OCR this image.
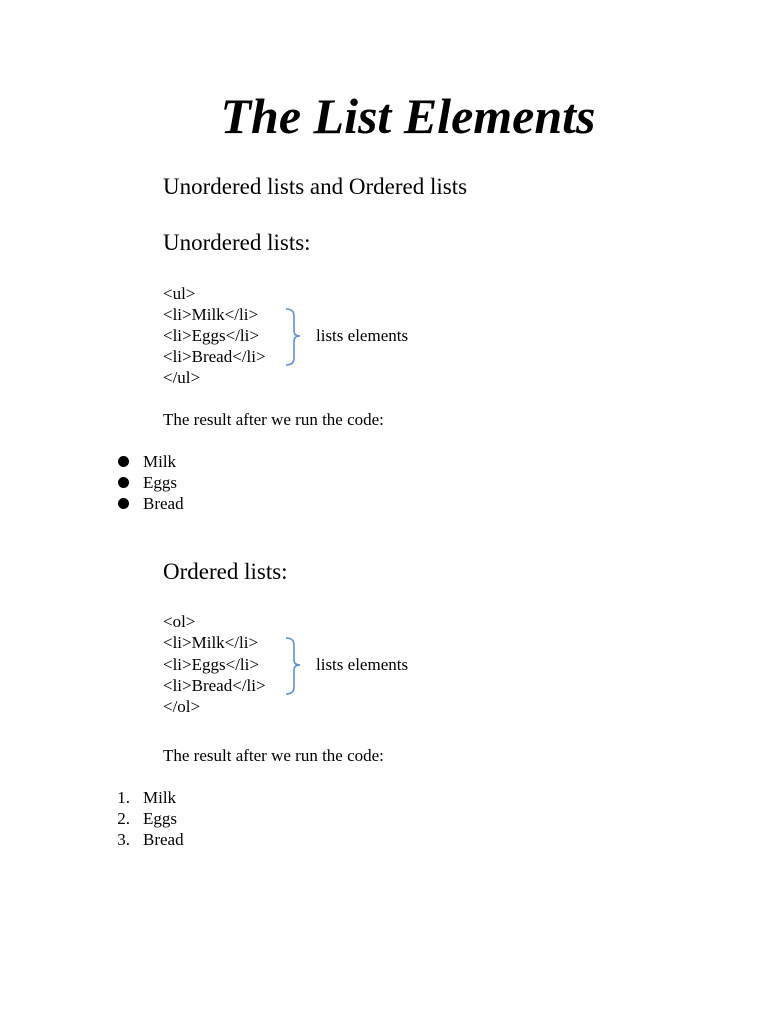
The List Elements
Unordered lists and Ordered lists
Unordered lists:
<ul>
<li>Milk</li>
<li>Eggs</li>
<li>Bread</li>
</ul>
lists elements
The result after we run the code:
Milk
Eggs
Bread
Ordered lists:
<ol>
<li>Milk</li>
<li>Eggs</li>
<li>Bread</li>
</ol>
lists elements
The result after we run the code:
1. Milk
2. Eggs
3. Bread
